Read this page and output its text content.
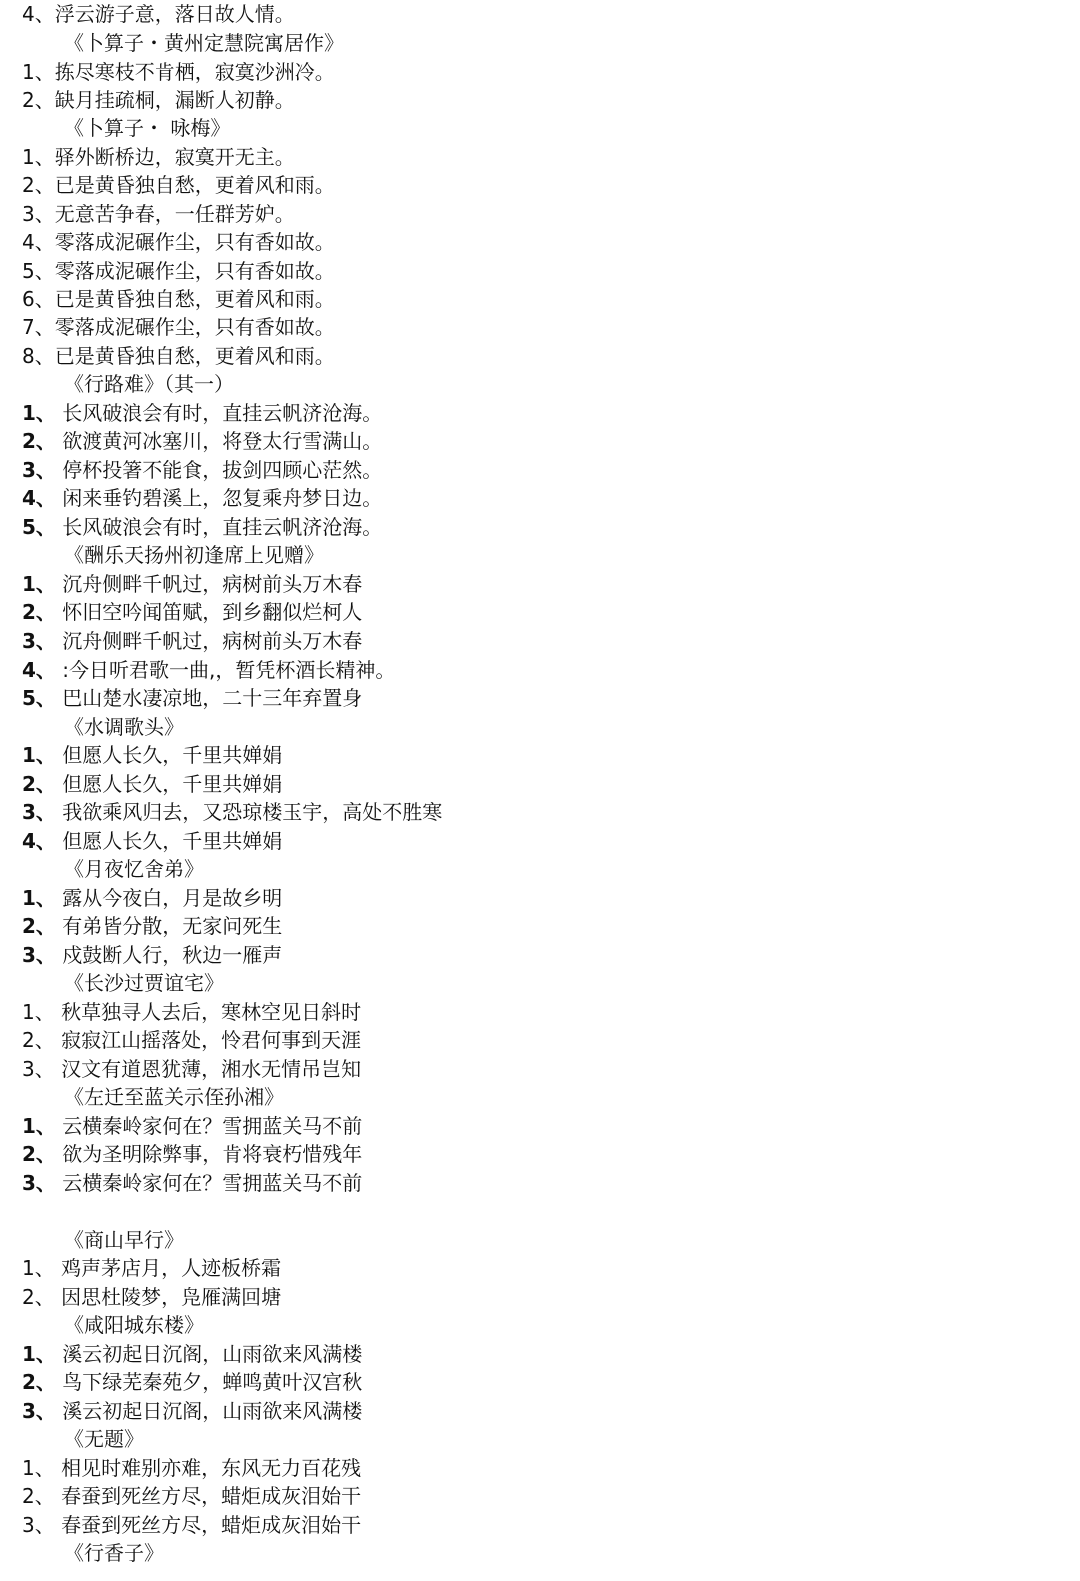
4、浮云游子意，落日故人情。
《卜算子・黄州定慧院寓居作》
1、拣尽寒枝不肯栖，寂寞沙洲冷。
2、缺月挂疏桐，漏断人初静。
《卜算子・ 咏梅》
1、驿外断桥边，寂寞开无主。
2、已是黄昏独自愁，更着风和雨。
3、无意苦争春，一任群芳妒。
4、零落成泥碾作尘，只有香如故。
5、零落成泥碾作尘，只有香如故。
6、已是黄昏独自愁，更着风和雨。
7、零落成泥碾作尘，只有香如故。
8、已是黄昏独自愁，更着风和雨。
《行路难》（其一）
1、 长风破浪会有时，直挂云帆济沧海。
2、 欲渡黄河冰塞川，将登太行雪满山。
3、 停杯投箸不能食，拔剑四顾心茫然。
4、 闲来垂钓碧溪上，忽复乘舟梦日边。
5、 长风破浪会有时，直挂云帆济沧海。
《酬乐天扬州初逢席上见赠》
1、 沉舟侧畔千帆过，病树前头万木春
2、 怀旧空吟闻笛赋，到乡翻似烂柯人
3、 沉舟侧畔千帆过，病树前头万木春
4、 :今日听君歌一曲,，暂凭杯酒长精神。
5、 巴山楚水凄凉地，二十三年弃置身
《水调歌头》
1、 但愿人长久，千里共婵娟
2、 但愿人长久，千里共婵娟
3、 我欲乘风归去，又恐琼楼玉宇，高处不胜寒
4、 但愿人长久，千里共婵娟
《月夜忆舍弟》
1、 露从今夜白，月是故乡明
2、 有弟皆分散，无家问死生
3、 戍鼓断人行，秋边一雁声
《长沙过贾谊宅》
1、 秋草独寻人去后，寒林空见日斜时
2、 寂寂江山摇落处，怜君何事到天涯
3、 汉文有道恩犹薄，湘水无情吊岂知
《左迁至蓝关示侄孙湘》
1、 云横秦岭家何在？雪拥蓝关马不前
2、 欲为圣明除弊事，肯将衰朽惜残年
3、 云横秦岭家何在？雪拥蓝关马不前
《商山早行》
1、 鸡声茅店月，人迹板桥霜
2、 因思杜陵梦，凫雁满回塘
《咸阳城东楼》
1、 溪云初起日沉阁，山雨欲来风满楼
2、 鸟下绿芜秦苑夕，蝉鸣黄叶汉宫秋
3、 溪云初起日沉阁，山雨欲来风满楼
《无题》
1、 相见时难别亦难，东风无力百花残
2、 春蚕到死丝方尽，蜡炬成灰泪始干
3、 春蚕到死丝方尽，蜡炬成灰泪始干
《行香子》
